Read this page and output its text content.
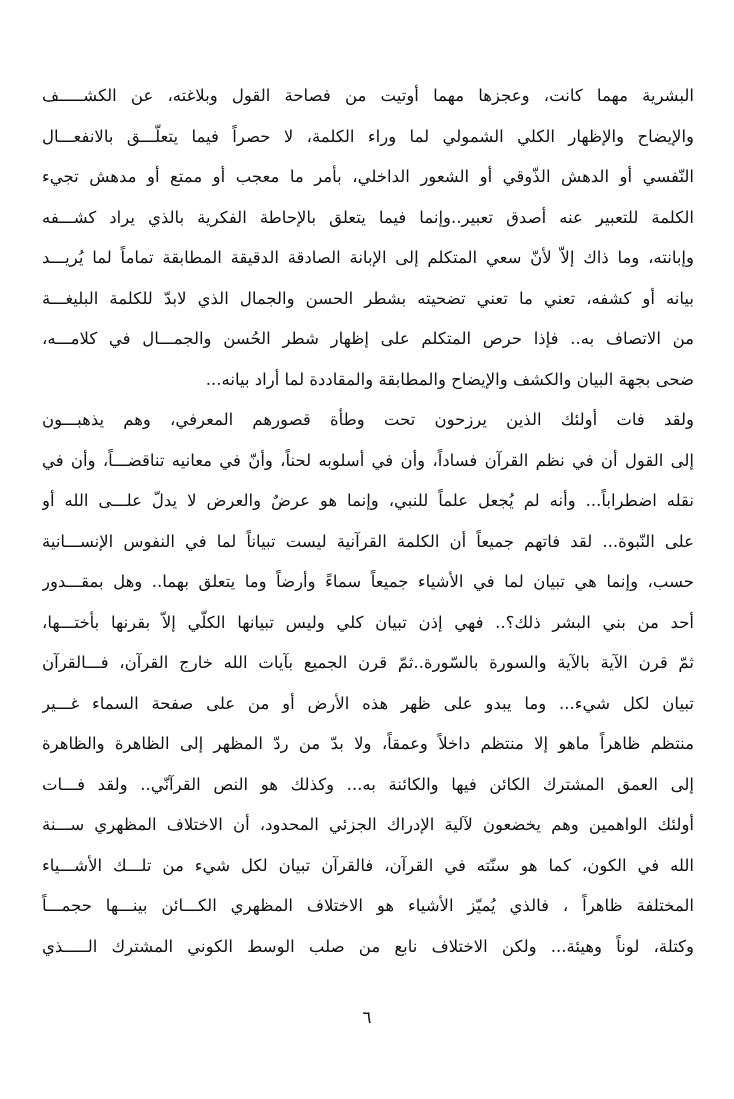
البشرية مهما كانت، وعجزها مهما أوتيت من فصاحة القول وبلاغته، عن الكشـــــف
والإيضاح والإظهار الكلي الشمولي لما وراء الكلمة، لا حصراً فيما يتعلّـــق بالانفعـــال
النّفسي أو الدهش الذّوقي أو الشعور الداخلي، بأمر ما معجب أو ممتع أو مدهش تجيء
الكلمة للتعبير عنه أصدق تعبير..وإنما فيما يتعلق بالإحاطة الفكرية بالذي يراد كشـــفه
وإبانته، وما ذاك إلاّ لأنّ سعي المتكلم إلى الإبانة الصادقة الدقيقة المطابقة تماماً لما يُريـــد
بيانه أو كشفه، تعني ما تعني تضحيته بشطر الحسن والجمال الذي لابدّ للكلمة البليغـــة
من الاتصاف به.. فإذا حرص المتكلم على إظهار شطر الحُسن والجمـــال في كلامـــه،
ضحى بجهة البيان والكشف والإيضاح والمطابقة والمقاددة لما أراد بيانه...
ولقد فات أولئك الذين يرزحون تحت وطأة قصورهم المعرفي، وهم يذهبـــون
إلى القول أن في نظم القرآن فساداً، وأن في أسلوبه لحناً، وأنّ في معانيه تناقضـــاً، وأن في
نقله اضطراباً... وأنه لم يُجعل علماً للنبي، وإنما هو عرضٌ والعرض لا يدلّ علـــى الله أو
على النّبوة... لقد فاتهم جميعاً أن الكلمة القرآنية ليست تبياناً لما في النفوس الإنســـانية
حسب، وإنما هي تبيان لما في الأشياء جميعاً سماءً وأرضاً وما يتعلق بهما.. وهل بمقـــدور
أحد من بني البشر ذلك؟.. فهي إذن تبيان كلي وليس تبيانها الكلّي إلاّ بقرنها بأختـــها،
ثمّ قرن الآية بالآية والسورة بالسّورة..ثمّ قرن الجميع بآيات الله خارج القرآن، فـــالقرآن
تبيان لكل شيء... وما يبدو على ظهر هذه الأرض أو من على صفحة السماء غـــير
منتظم ظاهراً ماهو إلا منتظم داخلاً وعمقاً، ولا بدّ من ردّ المظهر إلى الظاهرة والظاهرة
إلى العمق المشترك الكائن فيها والكائنة به... وكذلك هو النص القرآنّي.. ولقد فـــات
أولئك الواهمين وهم يخضعون لآلية الإدراك الجزئي المحدود، أن الاختلاف المظهري ســـنة
الله في الكون، كما هو سنّته في القرآن، فالقرآن تبيان لكل شيء من تلـــك الأشـــياء
المختلفة ظاهراً ، فالذي يُميّز الأشياء هو الاختلاف المظهري الكـــائن بينـــها حجمـــاً
وكتلة، لوناً وهيئة... ولكن الاختلاف نابع من صلب الوسط الكوني المشترك الـــــذي
٦
